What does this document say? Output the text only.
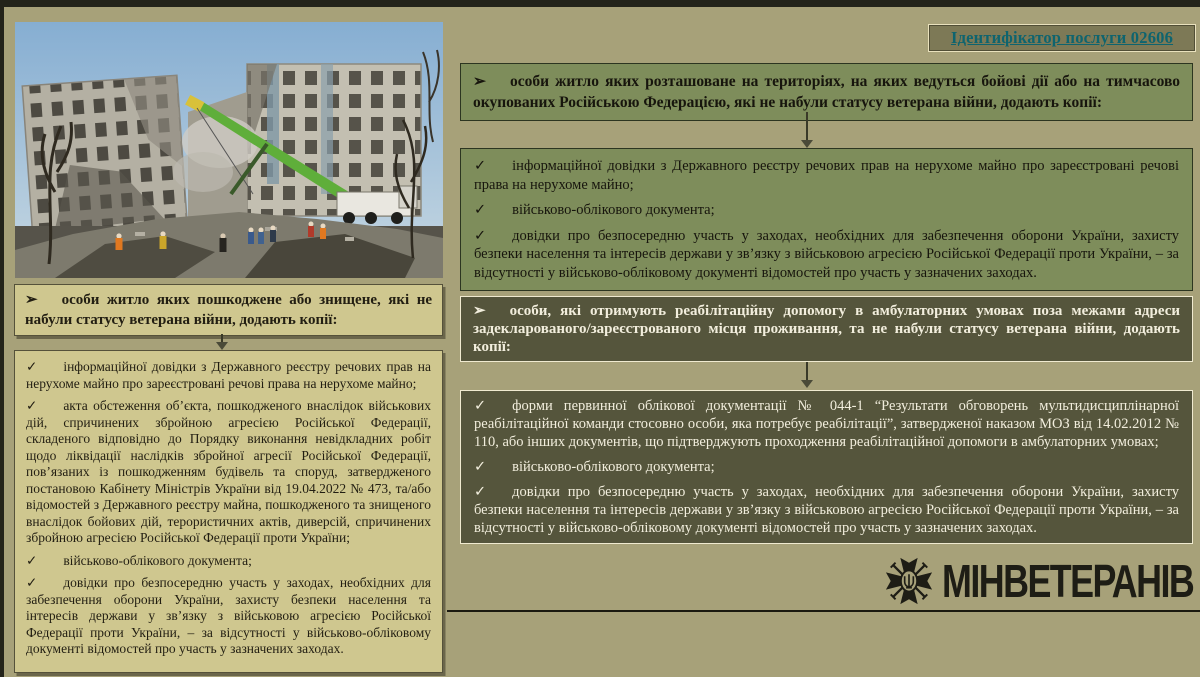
Ідентифікатор послуги 02606
➢ особи житло яких розташоване на територіях, на яких ведуться бойові дії або на тимчасово окупованих Російською Федерацією, які не набули статусу ветерана війни, додають копії:

✓ інформаційної довідки з Державного реєстру речових прав на нерухоме майно про зареєстровані речові права на нерухоме майно;

✓ військово-облікового документа;

✓ довідки про безпосередню участь у заходах, необхідних для забезпечення оборони України, захисту безпеки населення та інтересів держави у зв’язку з військовою агресією Російської Федерації проти України, – за відсутності у військово-обліковому документі відомостей про участь у зазначених заходах.

➢ особи житло яких пошкоджене або знищене, які не набули статусу ветерана війни, додають копії:

✓ інформаційної довідки з Державного реєстру речових прав на нерухоме майно про зареєстровані речові права на нерухоме майно;

✓ акта обстеження об’єкта, пошкодженого внаслідок військових дій, спричинених збройною агресією Російської Федерації, складеного відповідно до Порядку виконання невідкладних робіт щодо ліквідації наслідків збройної агресії Російської Федерації, пов’язаних із пошкодженням будівель та споруд, затвердженого постановою Кабінету Міністрів України від 19.04.2022 № 473, та/або відомостей з Державного реєстру майна, пошкодженого та знищеного внаслідок бойових дій, терористичних актів, диверсій, спричинених збройною агресією Російської Федерації проти України;

✓ військово-облікового документа;

✓ довідки про безпосередню участь у заходах, необхідних для забезпечення оборони України, захисту безпеки населення та інтересів держави у зв’язку з військовою агресією Російської Федерації проти України, – за відсутності у військово-обліковому документі відомостей про участь у зазначених заходах.

➢ особи, які отримують реабілітаційну допомогу в амбулаторних умовах поза межами адреси задекларованого/зареєстрованого місця проживання, та не набули статусу ветерана війни, додають копії:

✓ форми первинної облікової документації № 044-1 “Результати обговорень мультидисциплінарної реабілітаційної команди стосовно особи, яка потребує реабілітації”, затвердженої наказом МОЗ від 14.02.2012 № 110, або інших документів, що підтверджують проходження реабілітаційної допомоги в амбулаторних умовах;

✓ військово-облікового документа;

✓ довідки про безпосередню участь у заходах, необхідних для забезпечення оборони України, захисту безпеки населення та інтересів держави у зв’язку з військовою агресією Російської Федерації проти України, – за відсутності у військово-обліковому документі відомостей про участь у зазначених заходах.

МІНВЕТЕРАНІВ
